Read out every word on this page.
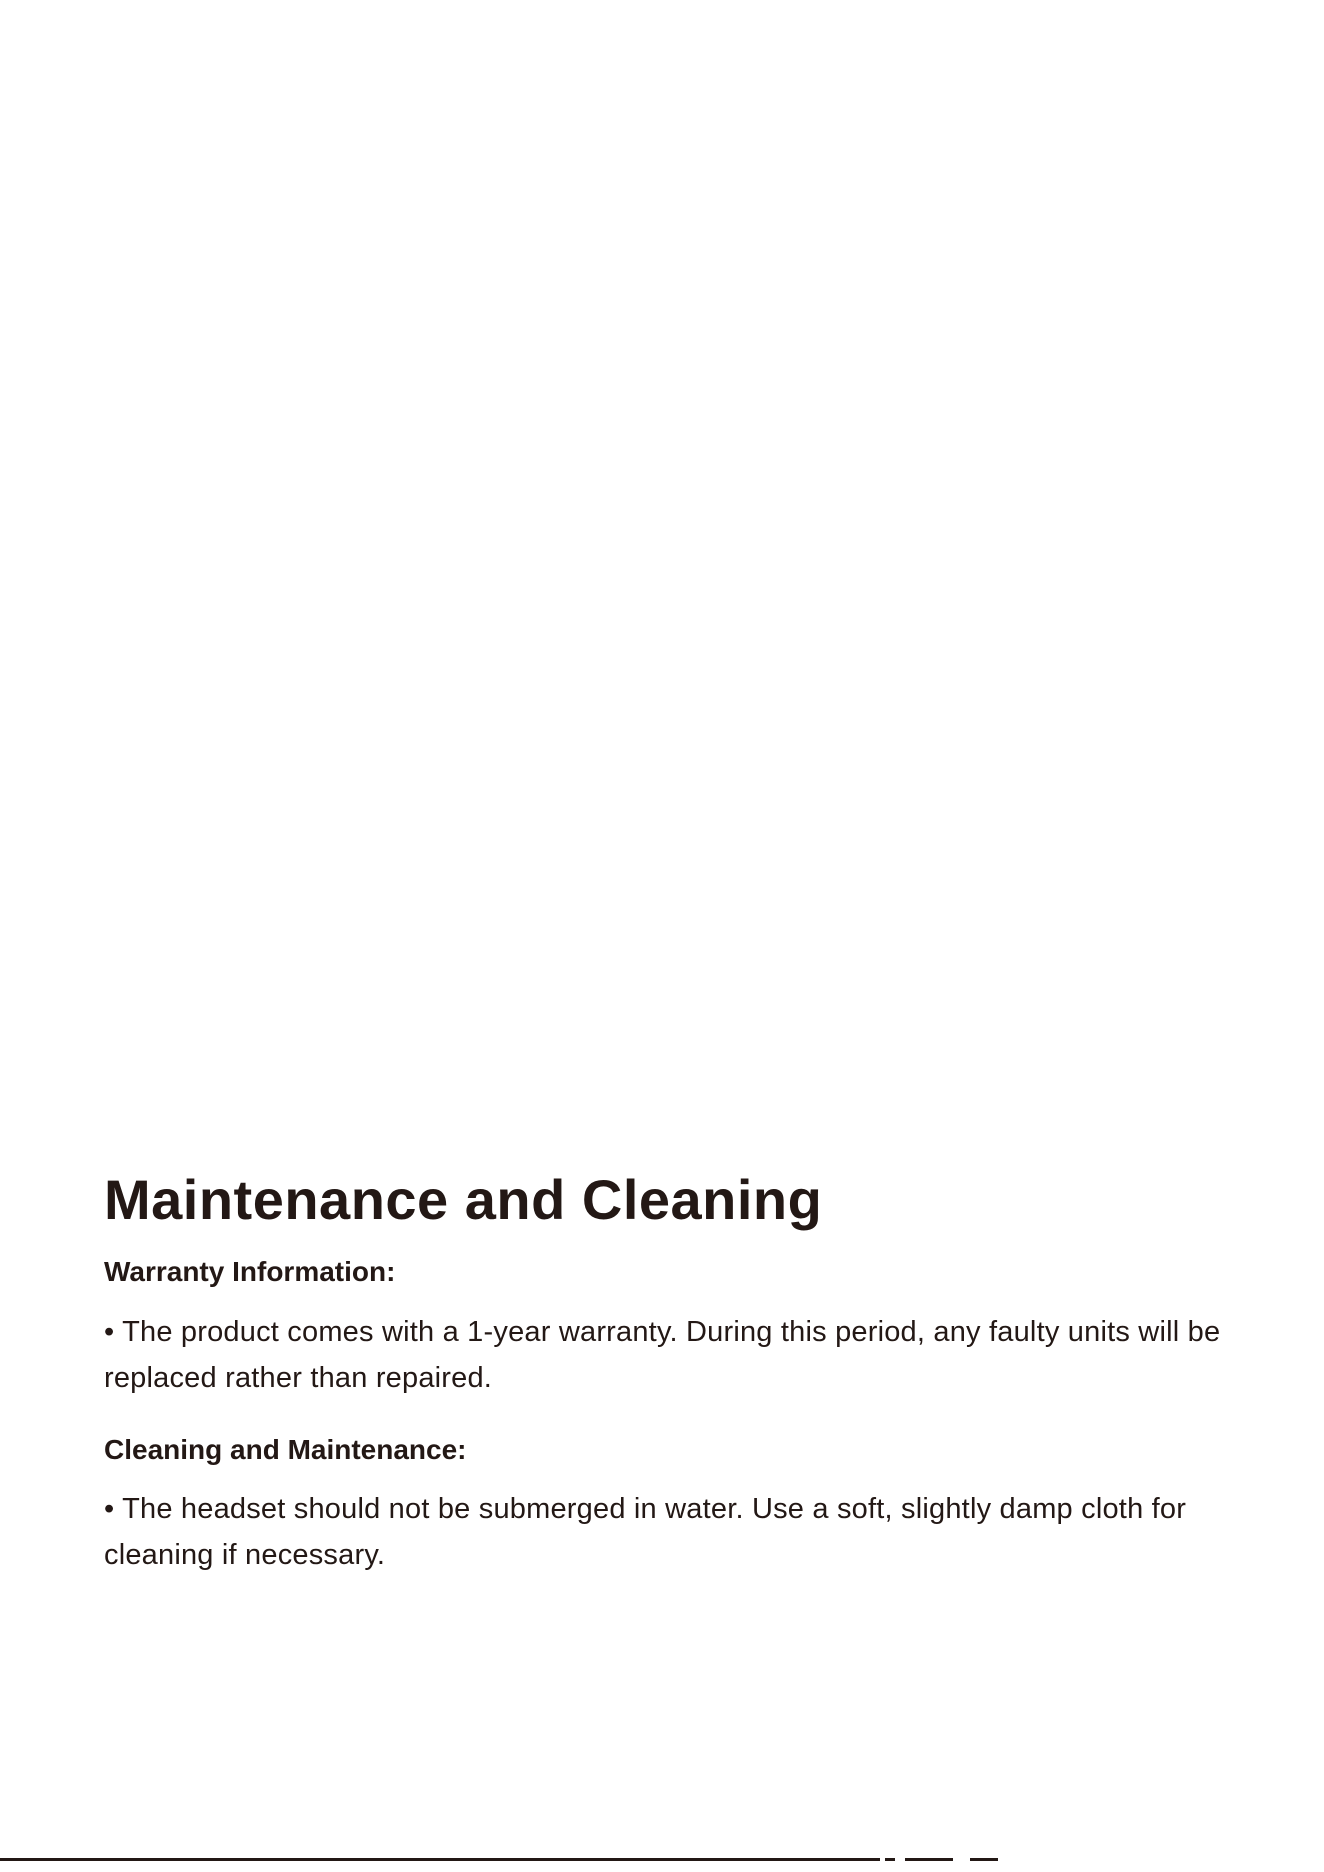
Maintenance and Cleaning
Warranty Information:

• The product comes with a 1-year warranty. During this period, any faulty units will be replaced rather than repaired.

Cleaning and Maintenance:

• The headset should not be submerged in water. Use a soft, slightly damp cloth for cleaning if necessary.
